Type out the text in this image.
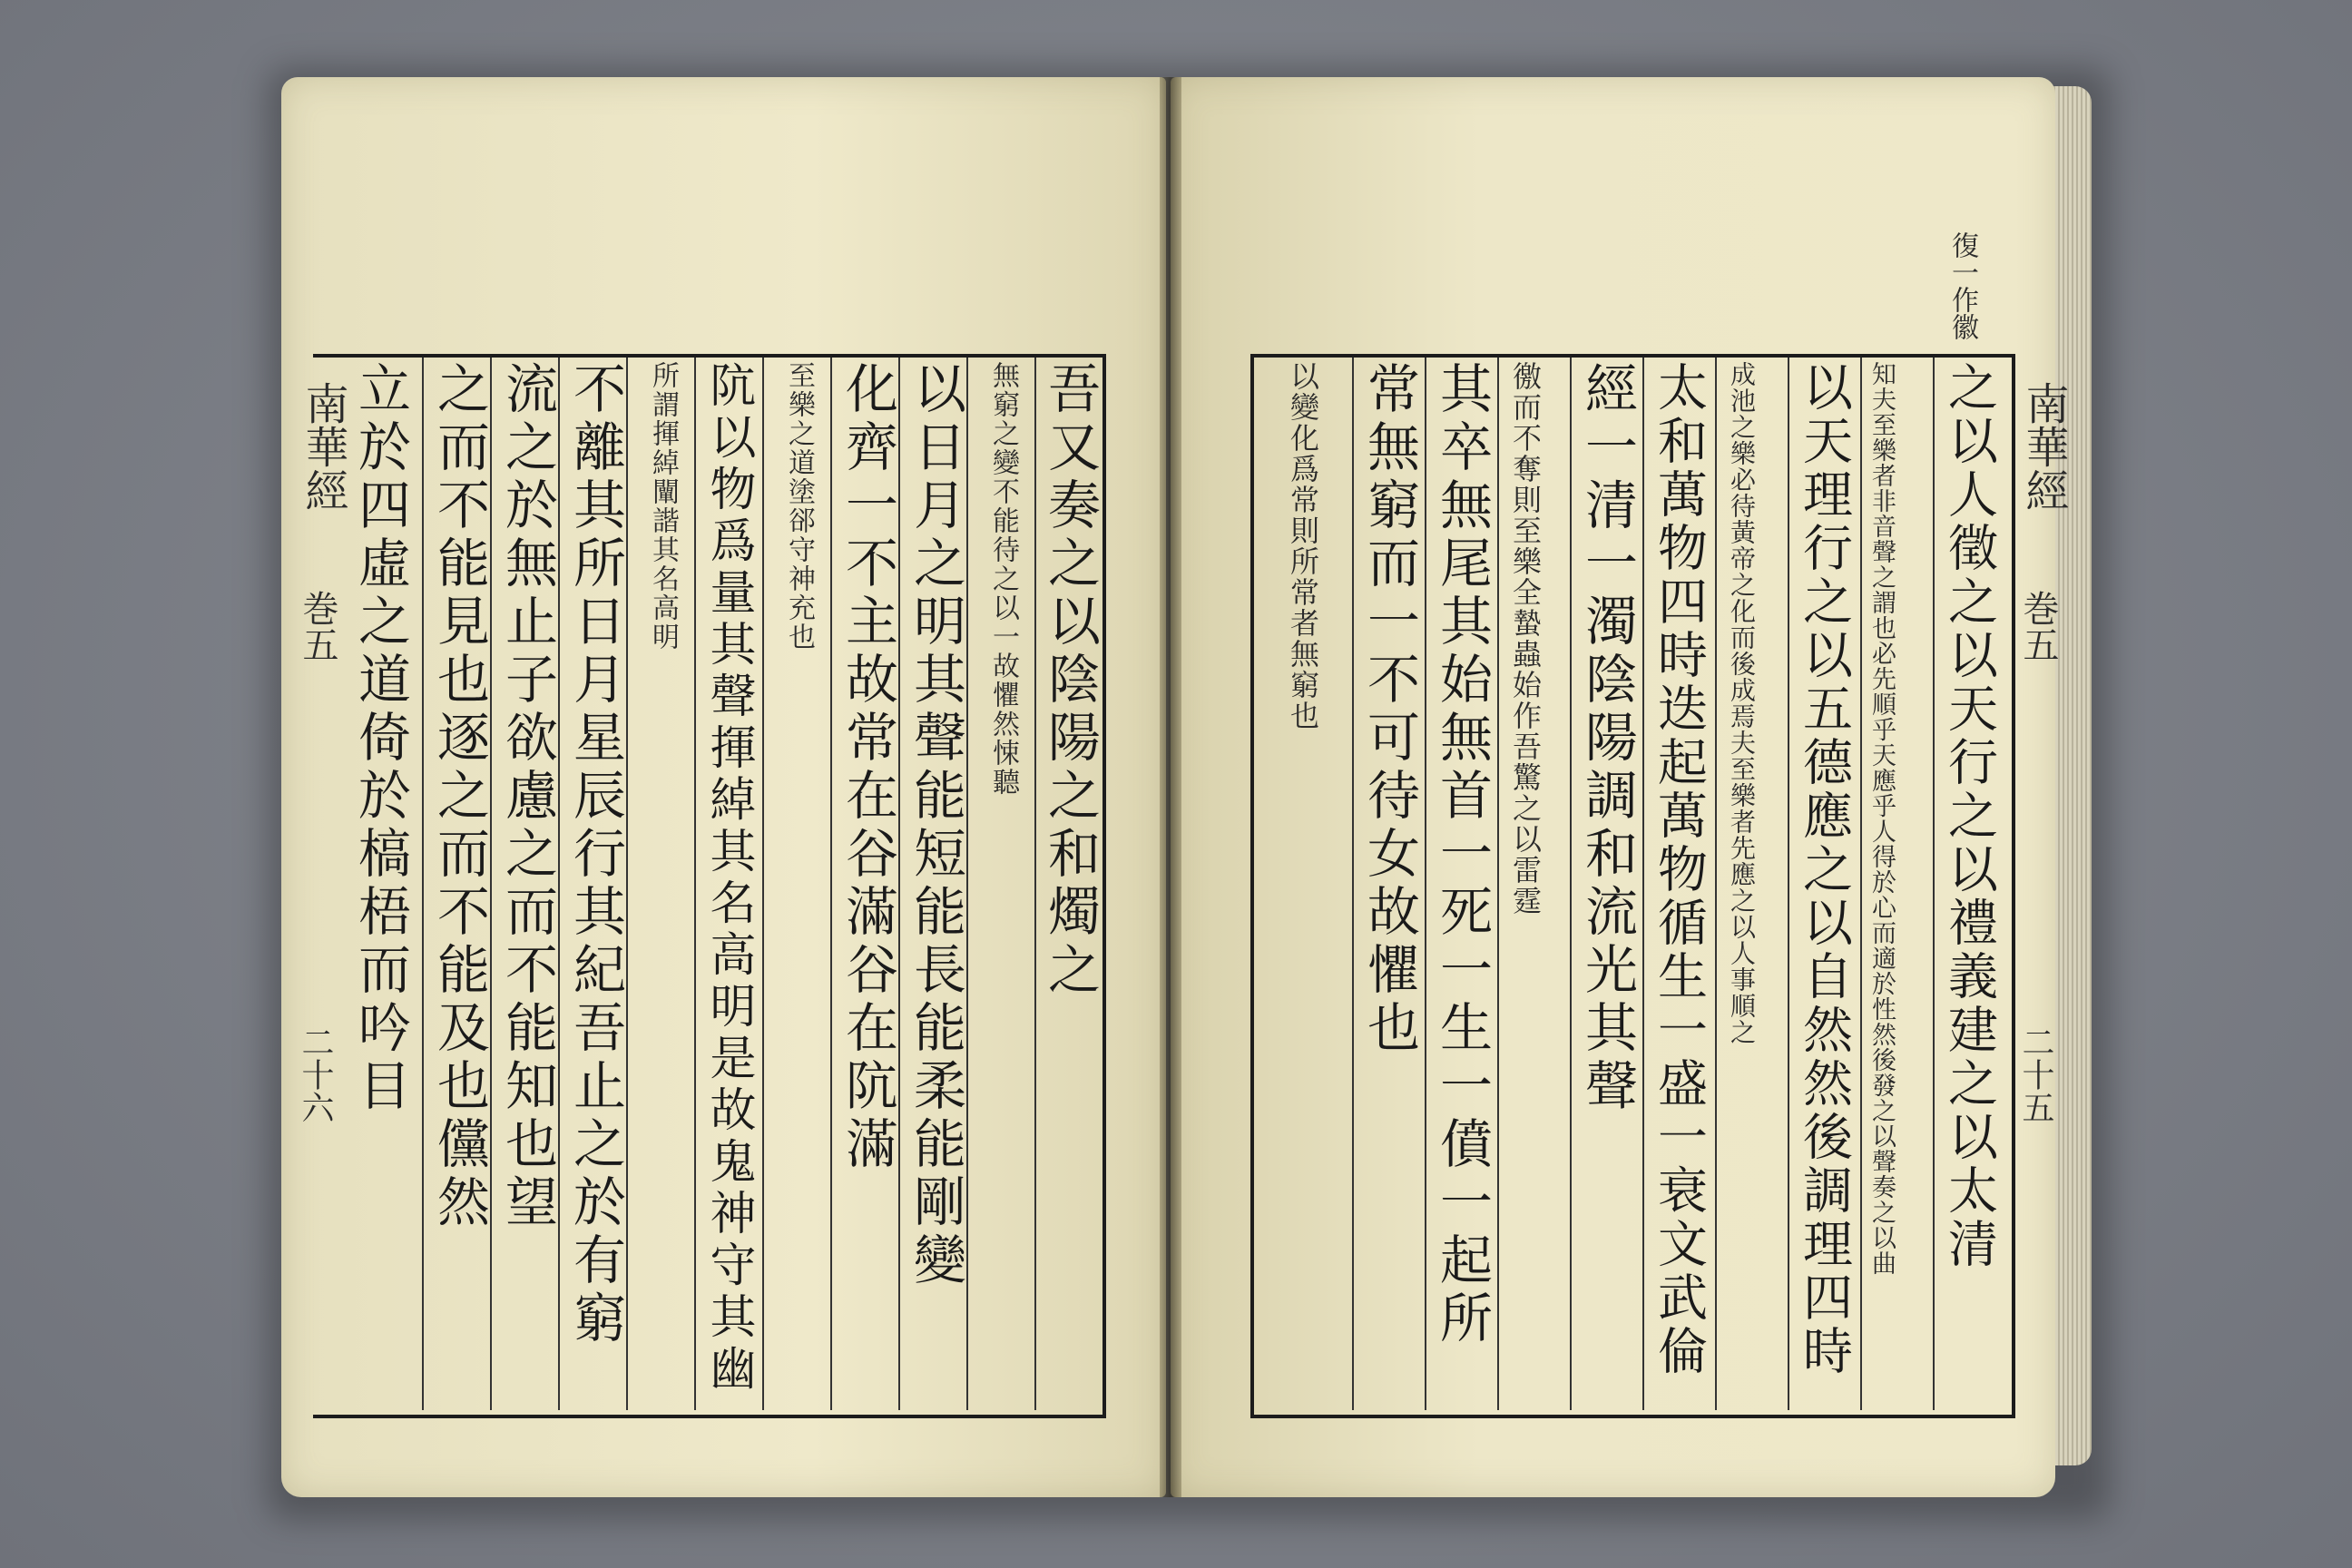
南華經
巻五
二十六
吾又奏之以陰陽之和燭之
無窮之變不能待之以一故懼然悚聽
以日月之明其聲能短能長能柔能剛變
化齊一不主故常在谷滿谷在阬滿
至樂之道塗郤守神充也
阬以物爲量其聲揮綽其名高明是故鬼神守其幽
所謂揮綽闡諧其名高明
不離其所日月星辰行其紀吾止之於有窮
流之於無止子欲慮之而不能知也望
之而不能見也逐之而不能及也儻然
立於四虛之道倚於槁梧而吟目
復一作徽
南華經
巻五
二十五
之以人徵之以天行之以禮義建之以太清
知夫至樂者非音聲之謂也必先順乎天應乎人得於心而適於性然後發之以聲奏之以曲
以天理行之以五德應之以自然然後調理四時
成池之樂必待黃帝之化而後成焉夫至樂者先應之以人事順之
太和萬物四時迭起萬物循生一盛一衰文武倫
經一清一濁陰陽調和流光其聲
徼而不奪則至樂全蟄蟲始作吾驚之以雷霆
其卒無尾其始無首一死一生一僨一起所
常無窮而一不可待女故懼也
以變化爲常則所常者無窮也
